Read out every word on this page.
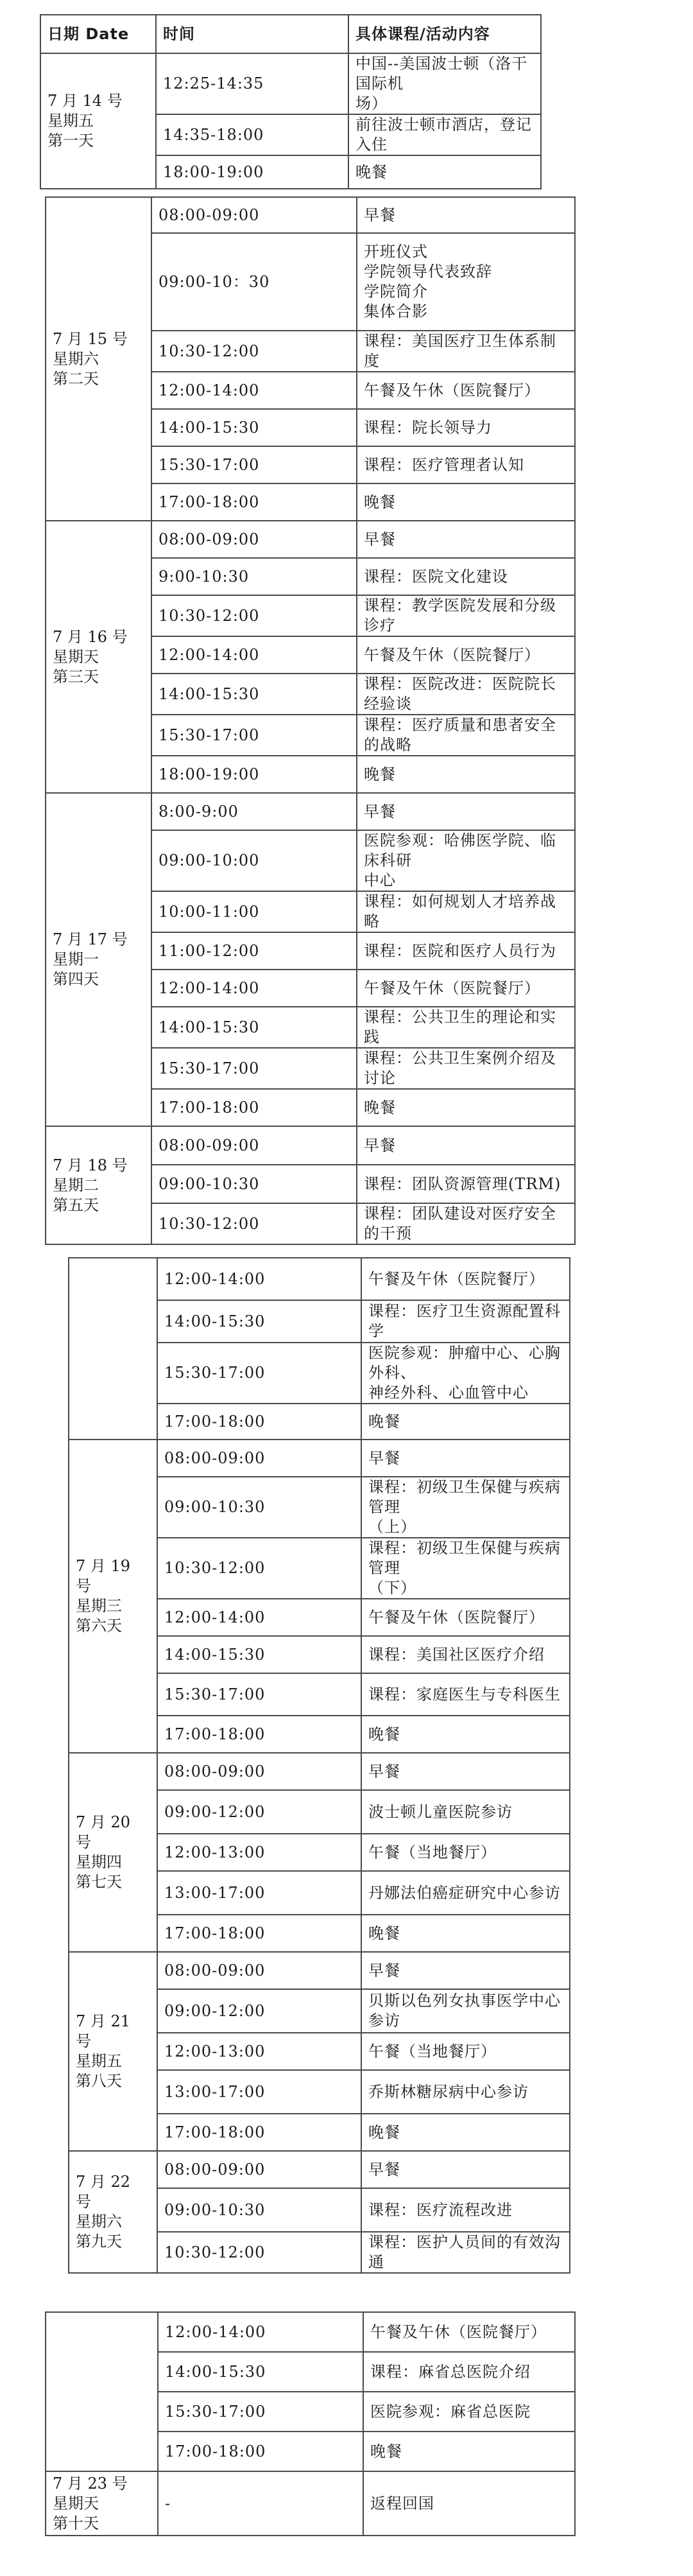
日期 Date	时间	具体课程/活动内容

7 月 14 号
星期五
第一天	12:25-14:35	中国--美国波士顿（洛干国际机
场）

	14:35-18:00	前往波士顿市酒店，登记入住

	18:00-19:00	晚餐
7 月 15 号
星期六
第二天	08:00-09:00	早餐

	09:00-10：30	开班仪式
学院领导代表致辞
学院简介
集体合影

	10:30-12:00	课程：美国医疗卫生体系制度

	12:00-14:00	午餐及午休（医院餐厅）

	14:00-15:30	课程：院长领导力

	15:30-17:00	课程：医疗管理者认知

	17:00-18:00	晚餐

7 月 16 号
星期天
第三天	08:00-09:00	早餐

	9:00-10:30	课程：医院文化建设

	10:30-12:00	课程：教学医院发展和分级诊疗

	12:00-14:00	午餐及午休（医院餐厅）

	14:00-15:30	课程：医院改进：医院院长经验谈

	15:30-17:00	课程：医疗质量和患者安全的战略

	18:00-19:00	晚餐

7 月 17 号
星期一
第四天	8:00-9:00	早餐

	09:00-10:00	医院参观：哈佛医学院、临床科研
中心

	10:00-11:00	课程：如何规划人才培养战略

	11:00-12:00	课程：医院和医疗人员行为

	12:00-14:00	午餐及午休（医院餐厅）

	14:00-15:30	课程：公共卫生的理论和实践

	15:30-17:00	课程：公共卫生案例介绍及讨论

	17:00-18:00	晚餐

7 月 18 号
星期二
第五天	08:00-09:00	早餐

	09:00-10:30	课程：团队资源管理(TRM)

	10:30-12:00	课程：团队建设对医疗安全的干预
	12:00-14:00	午餐及午休（医院餐厅）

	14:00-15:30	课程：医疗卫生资源配置科学

	15:30-17:00	医院参观：肿瘤中心、心胸外科、
神经外科、心血管中心

	17:00-18:00	晚餐

7 月 19 号
星期三
第六天	08:00-09:00	早餐

	09:00-10:30	课程：初级卫生保健与疾病管理
（上）

	10:30-12:00	课程：初级卫生保健与疾病管理
（下）

	12:00-14:00	午餐及午休（医院餐厅）

	14:00-15:30	课程：美国社区医疗介绍

	15:30-17:00	课程：家庭医生与专科医生

	17:00-18:00	晚餐

7 月 20 号
星期四
第七天	08:00-09:00	早餐

	09:00-12:00	波士顿儿童医院参访

	12:00-13:00	午餐（当地餐厅）

	13:00-17:00	丹娜法伯癌症研究中心参访

	17:00-18:00	晚餐

7 月 21 号
星期五
第八天	08:00-09:00	早餐

	09:00-12:00	贝斯以色列女执事医学中心参访

	12:00-13:00	午餐（当地餐厅）

	13:00-17:00	乔斯林糖尿病中心参访

	17:00-18:00	晚餐

7 月 22 号
星期六
第九天	08:00-09:00	早餐

	09:00-10:30	课程：医疗流程改进

	10:30-12:00	课程：医护人员间的有效沟通
	12:00-14:00	午餐及午休（医院餐厅）

	14:00-15:30	课程：麻省总医院介绍

	15:30-17:00	医院参观：麻省总医院

	17:00-18:00	晚餐

7 月 23 号
星期天
第十天	-	返程回国
